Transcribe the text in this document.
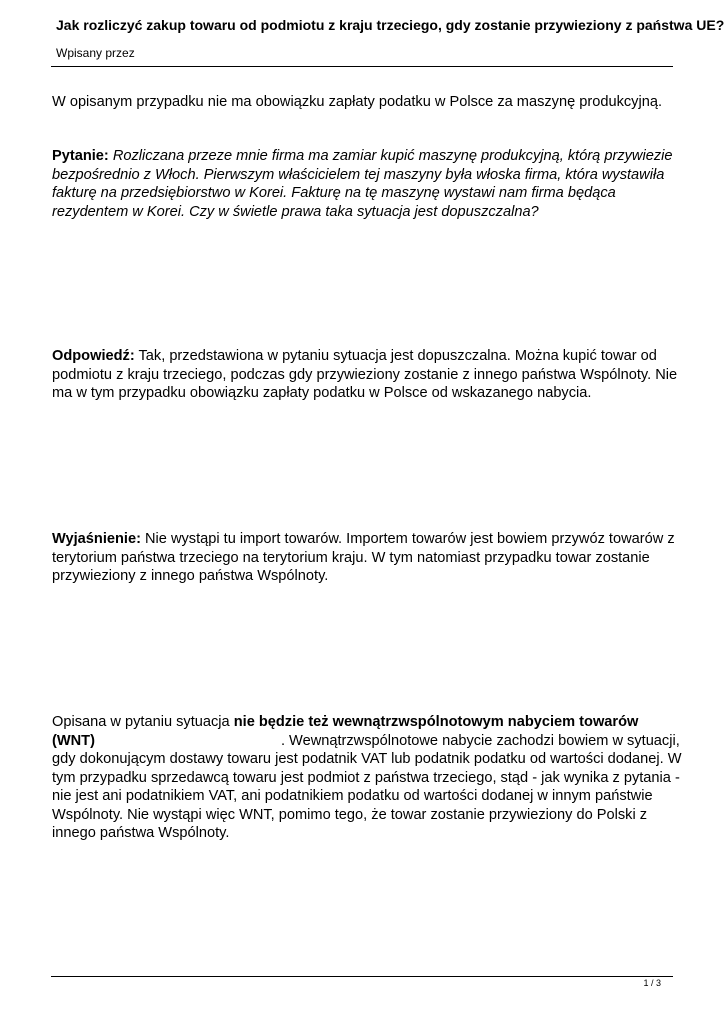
Jak rozliczyć zakup towaru od podmiotu z kraju trzeciego, gdy zostanie przywieziony z państwa UE?
Wpisany przez
W opisanym przypadku nie ma obowiązku zapłaty podatku w Polsce za maszynę produkcyjną.
Pytanie: Rozliczana przeze mnie firma ma zamiar kupić maszynę produkcyjną, którą przywiezie bezpośrednio z Włoch. Pierwszym właścicielem tej maszyny była włoska firma, która wystawiła fakturę na przedsiębiorstwo w Korei. Fakturę na tę maszynę wystawi nam firma będąca rezydentem w Korei. Czy w świetle prawa taka sytuacja jest dopuszczalna?
Odpowiedź: Tak, przedstawiona w pytaniu sytuacja jest dopuszczalna. Można kupić towar od podmiotu z kraju trzeciego, podczas gdy przywieziony zostanie z innego państwa Wspólnoty. Nie ma w tym przypadku obowiązku zapłaty podatku w Polsce od wskazanego nabycia.
Wyjaśnienie: Nie wystąpi tu import towarów. Importem towarów jest bowiem przywóz towarów z terytorium państwa trzeciego na terytorium kraju. W tym natomiast przypadku towar zostanie przywieziony z innego państwa Wspólnoty.
Opisana w pytaniu sytuacja nie będzie też wewnątrzwspólnotowym nabyciem towarów (WNT)	. Wewnątrzwspólnotowe nabycie zachodzi bowiem w sytuacji, gdy dokonującym dostawy towaru jest podatnik VAT lub podatnik podatku od wartości dodanej. W tym przypadku sprzedawcą towaru jest podmiot z państwa trzeciego, stąd - jak wynika z pytania - nie jest ani podatnikiem VAT, ani podatnikiem podatku od wartości dodanej w innym państwie Wspólnoty. Nie wystąpi więc WNT, pomimo tego, że towar zostanie przywieziony do Polski z innego państwa Wspólnoty.
1 / 3
